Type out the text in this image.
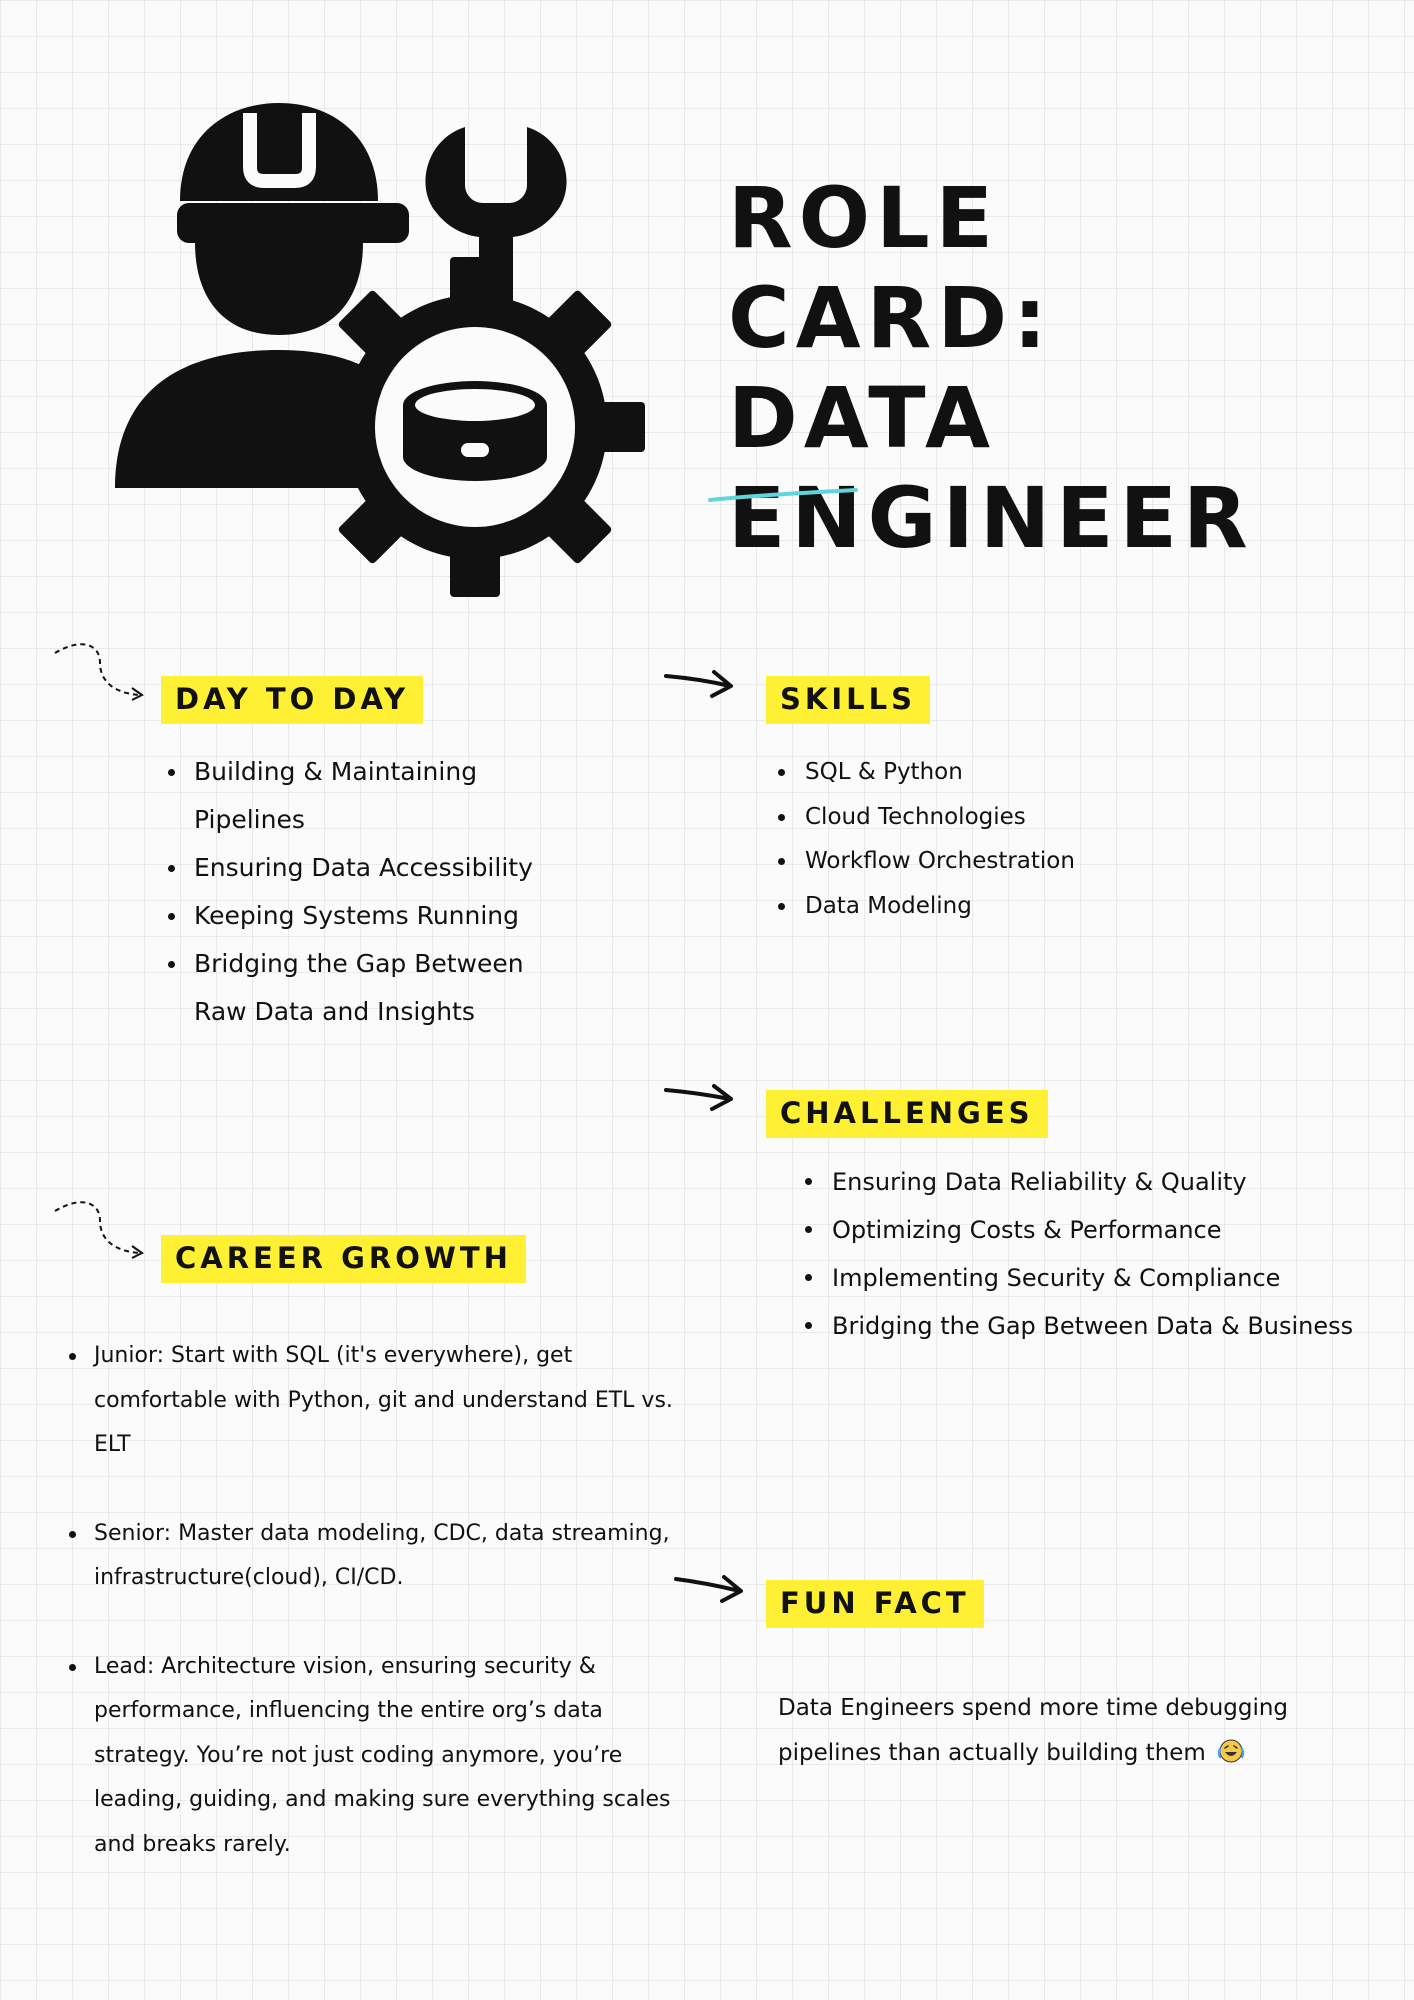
ROLE CARD:
DATA
ENGINEER
DAY TO DAY
Building & Maintaining Pipelines
Ensuring Data Accessibility
Keeping Systems Running
Bridging the Gap Between Raw Data and Insights
SKILLS
SQL & Python
Cloud Technologies
Workflow Orchestration
Data Modeling
CHALLENGES
Ensuring Data Reliability & Quality
Optimizing Costs & Performance
Implementing Security & Compliance
Bridging the Gap Between Data & Business
CAREER GROWTH
Junior: Start with SQL (it's everywhere), get comfortable with Python, git and understand ETL vs. ELT
Senior: Master data modeling, CDC, data streaming, infrastructure(cloud), CI/CD.
Lead: Architecture vision, ensuring security & performance, influencing the entire org’s data strategy. You’re not just coding anymore, you’re leading, guiding, and making sure everything scales and breaks rarely.
FUN FACT
Data Engineers spend more time debugging pipelines than actually building them
